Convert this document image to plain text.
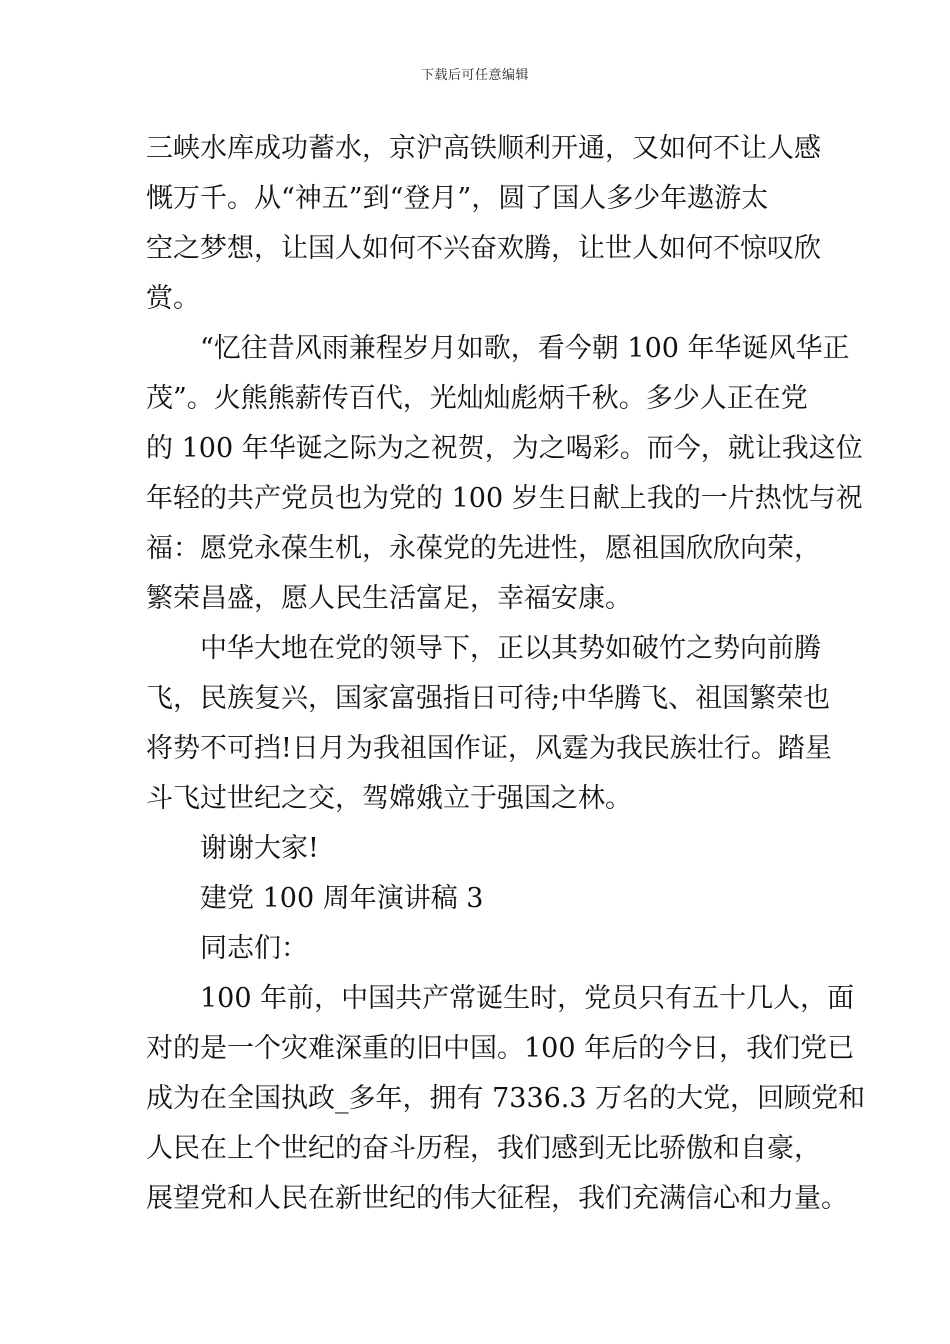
下载后可任意编辑
三峡水库成功蓄水，京沪高铁顺利开通，又如何不让人感
慨万千。从“神五”到“登月”，圆了国人多少年遨游太
空之梦想，让国人如何不兴奋欢腾，让世人如何不惊叹欣
赏。
“忆往昔风雨兼程岁月如歌，看今朝 100 年华诞风华正
茂”。火熊熊薪传百代，光灿灿彪炳千秋。多少人正在党
的 100 年华诞之际为之祝贺，为之喝彩。而今，就让我这位
年轻的共产党员也为党的 100 岁生日献上我的一片热忱与祝
福：愿党永葆生机，永葆党的先进性，愿祖国欣欣向荣，
繁荣昌盛，愿人民生活富足，幸福安康。
中华大地在党的领导下，正以其势如破竹之势向前腾
飞，民族复兴，国家富强指日可待;中华腾飞、祖国繁荣也
将势不可挡!日月为我祖国作证，风霆为我民族壮行。踏星
斗飞过世纪之交，驾嫦娥立于强国之林。
谢谢大家!
建党 100 周年演讲稿 3
同志们：
100 年前，中国共产常诞生时，党员只有五十几人，面
对的是一个灾难深重的旧中国。100 年后的今日，我们党已
成为在全国执政_多年，拥有 7336.3 万名的大党，回顾党和
人民在上个世纪的奋斗历程，我们感到无比骄傲和自豪，
展望党和人民在新世纪的伟大征程，我们充满信心和力量。
